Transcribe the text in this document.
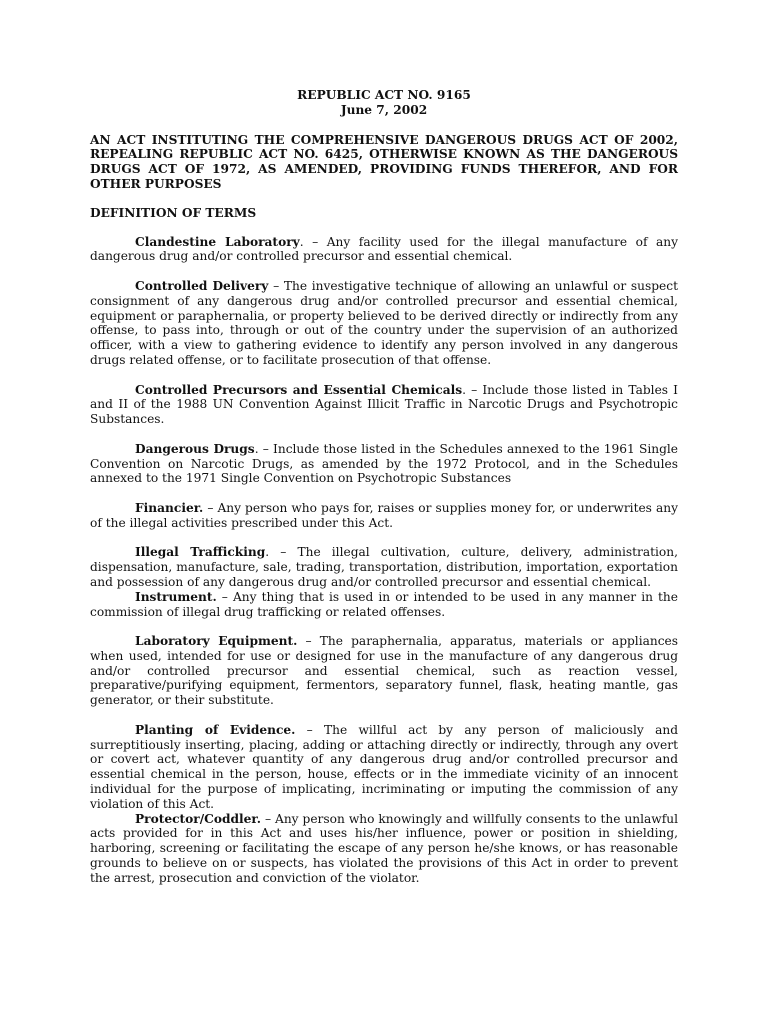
REPUBLIC ACT NO. 9165
June 7, 2002
AN ACT INSTITUTING THE COMPREHENSIVE DANGEROUS DRUGS ACT OF 2002, REPEALING REPUBLIC ACT NO. 6425, OTHERWISE KNOWN AS THE DANGEROUS DRUGS ACT OF 1972, AS AMENDED, PROVIDING FUNDS THEREFOR, AND FOR OTHER PURPOSES
DEFINITION OF TERMS

Clandestine Laboratory. – Any facility used for the illegal manufacture of any dangerous drug and/or controlled precursor and essential chemical.

Controlled Delivery – The investigative technique of allowing an unlawful or suspect consignment of any dangerous drug and/or controlled precursor and essential chemical, equipment or paraphernalia, or property believed to be derived directly or indirectly from any offense, to pass into, through or out of the country under the supervision of an authorized officer, with a view to gathering evidence to identify any person involved in any dangerous drugs related offense, or to facilitate prosecution of that offense.

Controlled Precursors and Essential Chemicals. – Include those listed in Tables I and II of the 1988 UN Convention Against Illicit Traffic in Narcotic Drugs and Psychotropic Substances.

Dangerous Drugs. – Include those listed in the Schedules annexed to the 1961 Single Convention on Narcotic Drugs, as amended by the 1972 Protocol, and in the Schedules annexed to the 1971 Single Convention on Psychotropic Substances

Financier. – Any person who pays for, raises or supplies money for, or underwrites any of the illegal activities prescribed under this Act.

Illegal Trafficking. – The illegal cultivation, culture, delivery, administration, dispensation, manufacture, sale, trading, transportation, distribution, importation, exportation and possession of any dangerous drug and/or controlled precursor and essential chemical.

Instrument. – Any thing that is used in or intended to be used in any manner in the commission of illegal drug trafficking or related offenses.

Laboratory Equipment. – The paraphernalia, apparatus, materials or appliances when used, intended for use or designed for use in the manufacture of any dangerous drug and/or controlled precursor and essential chemical, such as reaction vessel, preparative/purifying equipment, fermentors, separatory funnel, flask, heating mantle, gas generator, or their substitute.

Planting of Evidence. – The willful act by any person of maliciously and surreptitiously inserting, placing, adding or attaching directly or indirectly, through any overt or covert act, whatever quantity of any dangerous drug and/or controlled precursor and essential chemical in the person, house, effects or in the immediate vicinity of an innocent individual for the purpose of implicating, incriminating or imputing the commission of any violation of this Act.

Protector/Coddler. – Any person who knowingly and willfully consents to the unlawful acts provided for in this Act and uses his/her influence, power or position in shielding, harboring, screening or facilitating the escape of any person he/she knows, or has reasonable grounds to believe on or suspects, has violated the provisions of this Act in order to prevent the arrest, prosecution and conviction of the violator.
